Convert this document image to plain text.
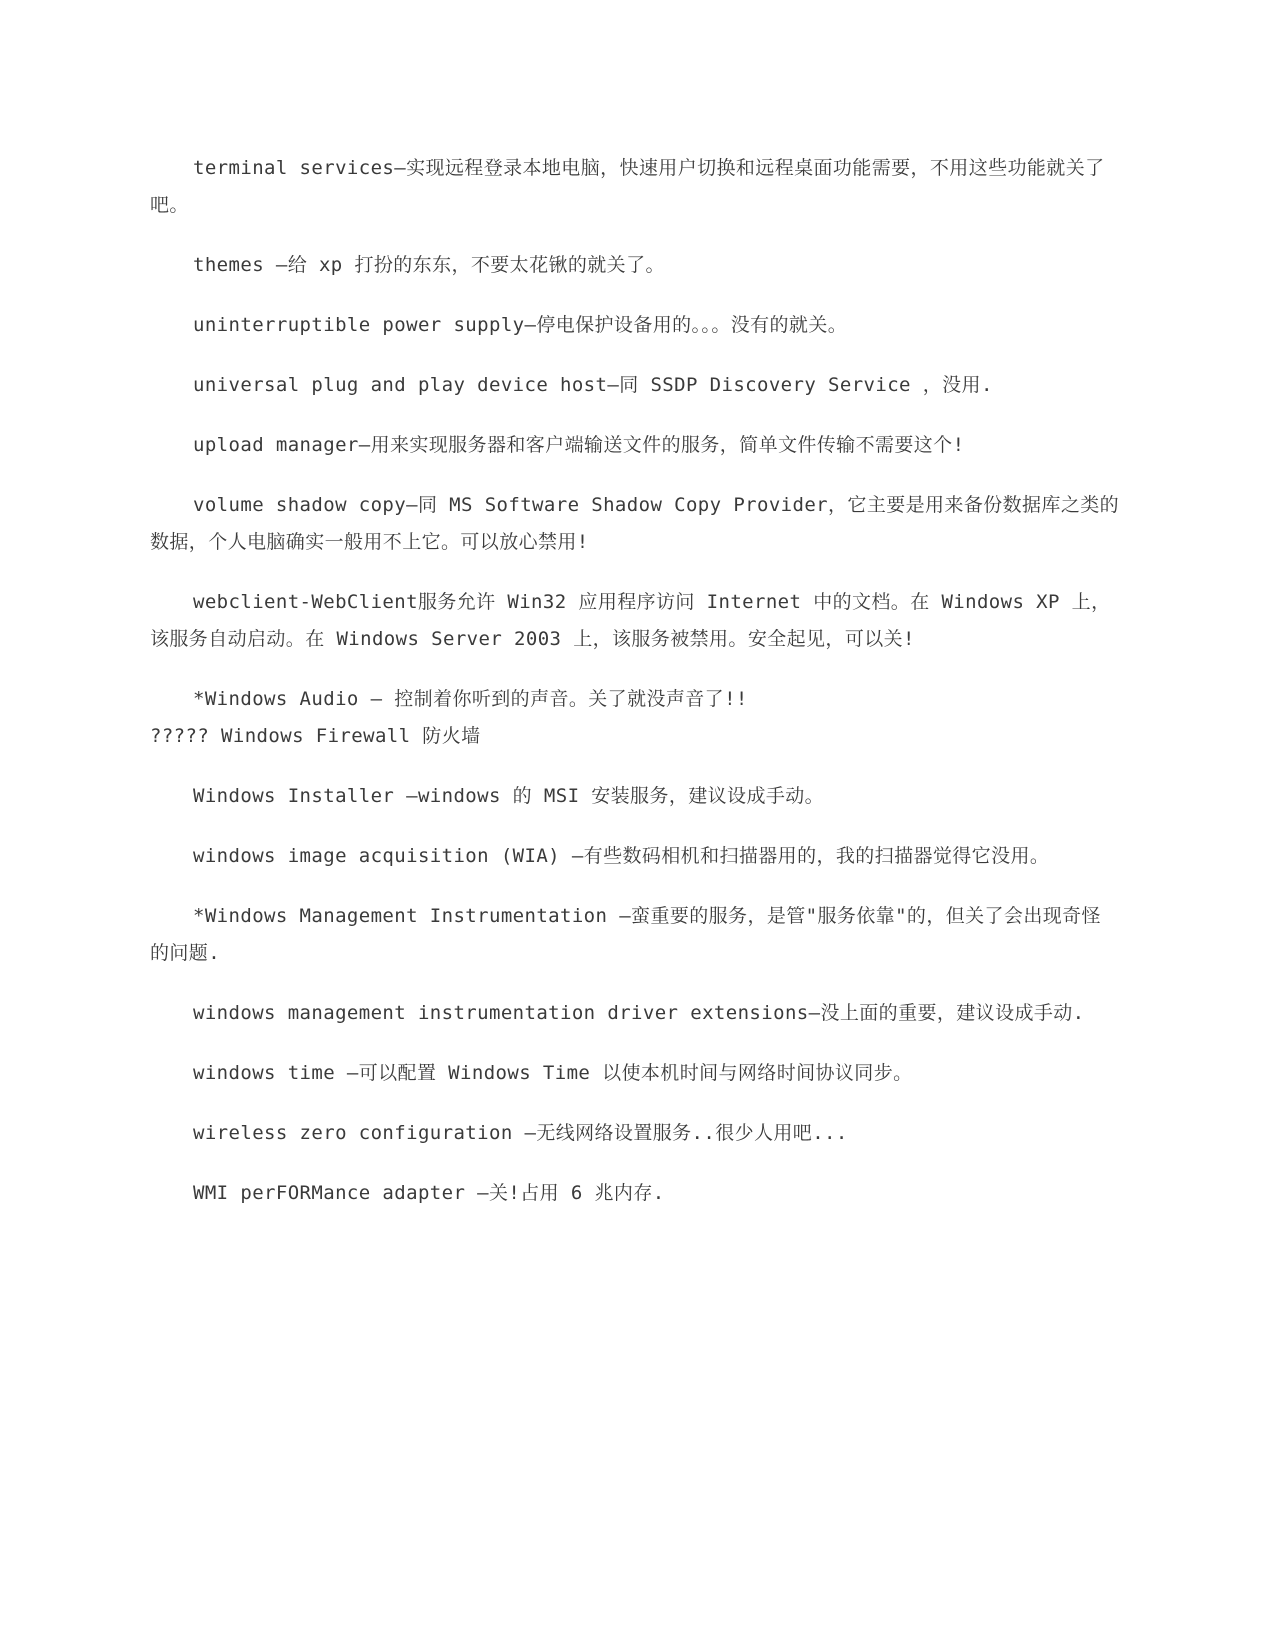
terminal services—实现远程登录本地电脑，快速用户切换和远程桌面功能需要，不用这些功能就关了吧。

themes —给 xp 打扮的东东，不要太花锹的就关了。

uninterruptible power supply—停电保护设备用的。。。没有的就关。

universal plug and play device host—同 SSDP Discovery Service ，没用.

upload manager—用来实现服务器和客户端输送文件的服务，简单文件传输不需要这个!

volume shadow copy—同 MS Software Shadow Copy Provider，它主要是用来备份数据库之类的数据，个人电脑确实一般用不上它。可以放心禁用!

webclient-WebClient服务允许 Win32 应用程序访问 Internet 中的文档。在 Windows XP 上，该服务自动启动。在 Windows Server 2003 上，该服务被禁用。安全起见，可以关!

*Windows Audio — 控制着你听到的声音。关了就没声音了!!

????? Windows Firewall 防火墙

Windows Installer —windows 的 MSI 安装服务，建议设成手动。

windows image acquisition (WIA) —有些数码相机和扫描器用的，我的扫描器觉得它没用。

*Windows Management Instrumentation —蛮重要的服务，是管"服务依靠"的，但关了会出现奇怪的问题.

windows management instrumentation driver extensions—没上面的重要，建议设成手动.

windows time —可以配置 Windows Time 以使本机时间与网络时间协议同步。

wireless zero configuration —无线网络设置服务..很少人用吧...

WMI perFORMance adapter —关!占用 6 兆内存.
